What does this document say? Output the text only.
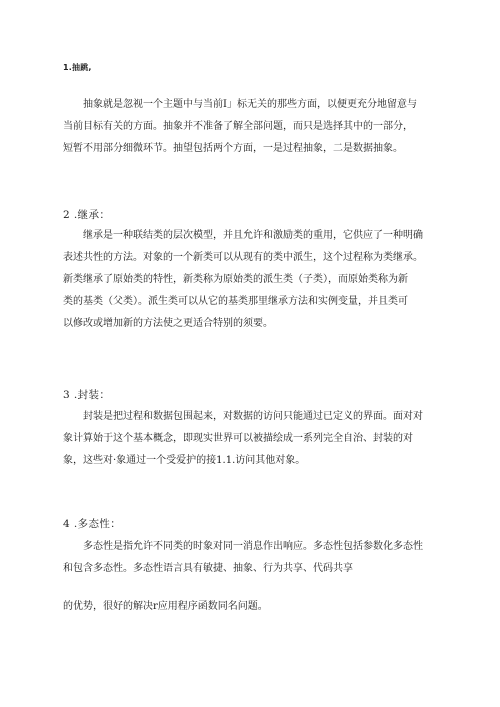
1.抽跳,
抽象就是忽视一个主题中与当前I」标无关的那些方面，以便更充分地留意与
当前目标有关的方面。抽象并不准备了解全部问题，而只是选择其中的一部分，
短暂不用部分细微环节。抽望包括两个方面，一是过程抽象，二是数据抽象。
2 .继承：
继承是一种联结类的层次模型，并且允许和激励类的重用，它供应了一种明确
表述共性的方法。对象的一个新类可以从现有的类中派生，这个过程称为类继承。
新类继承了原始类的特性，新类称为原始类的派生类（子类），而原始类称为新
类的基类（父类）。派生类可以从它的基类那里继承方法和实例变量，并且类可
以修改或增加新的方法使之更适合特别的须要。
3 .封装：
封装是把过程和数据包围起来，对数据的访问只能通过已定义的界面。面对对
象计算始于这个基本概念，即现实世界可以被描绘成一系列完全自治、封装的对
象，这些对·象通过一个受爱护的接1.1.访问其他对象。
4 .多态性：
多态性是指允许不同类的时象对同一消息作出响应。多态性包括参数化多态性
和包含多态性。多态性语言具有敏捷、抽象、行为共享、代码共享
的优势，很好的解决r应用程序函数同名问题。
